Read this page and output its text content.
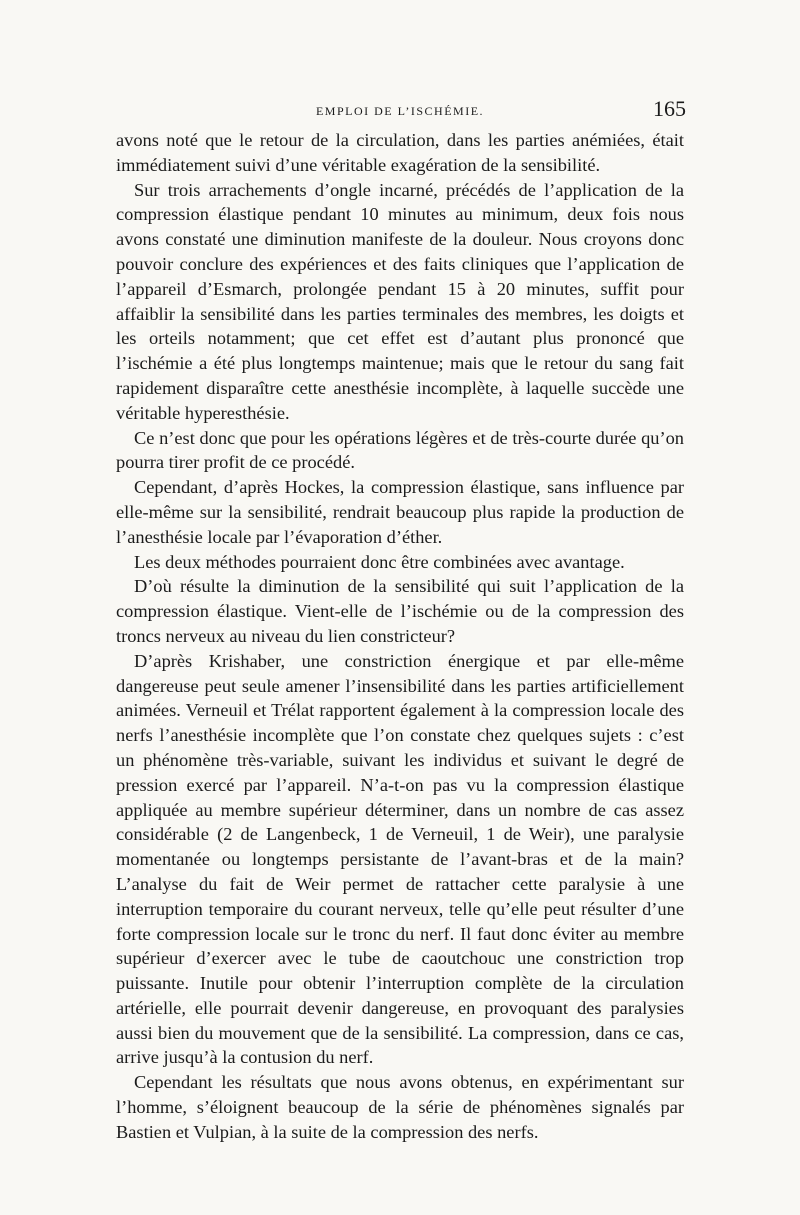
EMPLOI DE L’ISCHÉMIE.	165

avons noté que le retour de la circulation, dans les parties anémiées, était immédiatement suivi d’une véritable exagération de la sensibilité.

Sur trois arrachements d’ongle incarné, précédés de l’application de la compression élastique pendant 10 minutes au minimum, deux fois nous avons constaté une diminution manifeste de la douleur. Nous croyons donc pouvoir conclure des expériences et des faits cliniques que l’application de l’appareil d’Esmarch, prolongée pendant 15 à 20 minutes, suffit pour affaiblir la sensibilité dans les parties terminales des membres, les doigts et les orteils notamment; que cet effet est d’autant plus prononcé que l’ischémie a été plus longtemps maintenue; mais que le retour du sang fait rapidement disparaître cette anesthésie incomplète, à laquelle succède une véritable hyperesthésie.

Ce n’est donc que pour les opérations légères et de très-courte durée qu’on pourra tirer profit de ce procédé.

Cependant, d’après Hockes, la compression élastique, sans influence par elle-même sur la sensibilité, rendrait beaucoup plus rapide la production de l’anesthésie locale par l’évaporation d’éther.

Les deux méthodes pourraient donc être combinées avec avantage.

D’où résulte la diminution de la sensibilité qui suit l’application de la compression élastique. Vient-elle de l’ischémie ou de la compression des troncs nerveux au niveau du lien constricteur?

D’après Krishaber, une constriction énergique et par elle-même dangereuse peut seule amener l’insensibilité dans les parties artificiellement animées. Verneuil et Trélat rapportent également à la compression locale des nerfs l’anesthésie incomplète que l’on constate chez quelques sujets : c’est un phénomène très-variable, suivant les individus et suivant le degré de pression exercé par l’appareil. N’a-t-on pas vu la compression élastique appliquée au membre supérieur déterminer, dans un nombre de cas assez considérable (2 de Langenbeck, 1 de Verneuil, 1 de Weir), une paralysie momentanée ou longtemps persistante de l’avant-bras et de la main? L’analyse du fait de Weir permet de rattacher cette paralysie à une interruption temporaire du courant nerveux, telle qu’elle peut résulter d’une forte compression locale sur le tronc du nerf. Il faut donc éviter au membre supérieur d’exercer avec le tube de caoutchouc une constriction trop puissante. Inutile pour obtenir l’interruption complète de la circulation artérielle, elle pourrait devenir dangereuse, en provoquant des paralysies aussi bien du mouvement que de la sensibilité. La compression, dans ce cas, arrive jusqu’à la contusion du nerf.

Cependant les résultats que nous avons obtenus, en expérimentant sur l’homme, s’éloignent beaucoup de la série de phénomènes signalés par Bastien et Vulpian, à la suite de la compression des nerfs.
